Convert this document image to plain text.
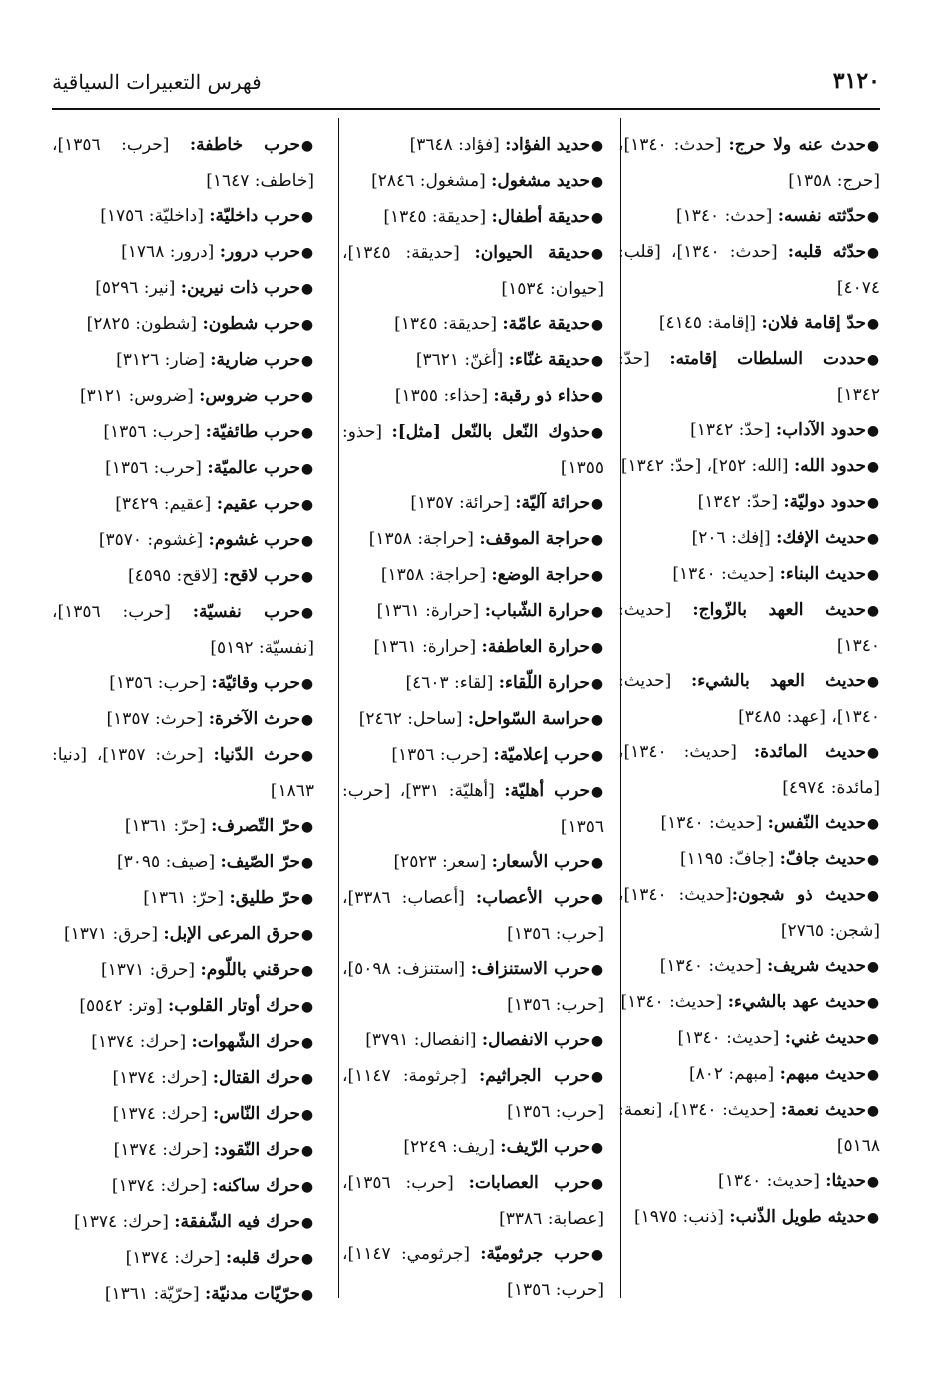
٣١٢٠
فهرس التعبيرات السياقية

●حدث عنه ولا حرج: [حدث: ١٣٤٠]، [حرج: ١٣٥٨]

●حدّثته نفسه: [حدث: ١٣٤٠]

●حدّثه قلبه: [حدث: ١٣٤٠]، [قلب: ٤٠٧٤]

●حدّ إقامة فلان: [إقامة: ٤١٤٥]

●حددت السلطات إقامته: [حدّ: ١٣٤٢]

●حدود الآداب: [حدّ: ١٣٤٢]

●حدود الله: [الله: ٢٥٢]، [حدّ: ١٣٤٢]

●حدود دوليّة: [حدّ: ١٣٤٢]

●حديث الإفك: [إفك: ٢٠٦]

●حديث البناء: [حديث: ١٣٤٠]

●حديث العهد بالزّواج: [حديث: ١٣٤٠]

●حديث العهد بالشيء: [حديث: ١٣٤٠]، [عهد: ٣٤٨٥]

●حديث المائدة: [حديث: ١٣٤٠]، [مائدة: ٤٩٧٤]

●حديث النّفس: [حديث: ١٣٤٠]

●حديث جافّ: [جافّ: ١١٩٥]

●حديث ذو شجون:[حديث: ١٣٤٠]، [شجن: ٢٧٦٥]

●حديث شريف: [حديث: ١٣٤٠]

●حديث عهد بالشيء: [حديث: ١٣٤٠]

●حديث غني: [حديث: ١٣٤٠]

●حديث مبهم: [مبهم: ٨٠٢]

●حديث نعمة: [حديث: ١٣٤٠]، [نعمة: ٥١٦٨]

●حديثا: [حديث: ١٣٤٠]

●حديثه طويل الذّنب: [ذنب: ١٩٧٥]

●حديد الفؤاد: [فؤاد: ٣٦٤٨]

●حديد مشغول: [مشغول: ٢٨٤٦]

●حديقة أطفال: [حديقة: ١٣٤٥]

●حديقة الحيوان: [حديقة: ١٣٤٥]، [حيوان: ١٥٣٤]

●حديقة عامّة: [حديقة: ١٣٤٥]

●حديقة غنّاء: [أغنّ: ٣٦٢١]

●حذاء ذو رقبة: [حذاء: ١٣٥٥]

●حذوك النّعل بالنّعل [مثل]: [حذو: ١٣٥٥]

●حرائة آليّة: [حرائة: ١٣٥٧]

●حراجة الموقف: [حراجة: ١٣٥٨]

●حراجة الوضع: [حراجة: ١٣٥٨]

●حرارة الشّباب: [حرارة: ١٣٦١]

●حرارة العاطفة: [حرارة: ١٣٦١]

●حرارة اللّقاء: [لقاء: ٤٦٠٣]

●حراسة السّواحل: [ساحل: ٢٤٦٢]

●حرب إعلاميّة: [حرب: ١٣٥٦]

●حرب أهليّة: [أهليّة: ٣٣١]، [حرب: ١٣٥٦]

●حرب الأسعار: [سعر: ٢٥٢٣]

●حرب الأعصاب: [أعصاب: ٣٣٨٦]، [حرب: ١٣٥٦]

●حرب الاستنزاف: [استنزف: ٥٠٩٨]، [حرب: ١٣٥٦]

●حرب الانفصال: [انفصال: ٣٧٩١]

●حرب الجراثيم: [جرثومة: ١١٤٧]، [حرب: ١٣٥٦]

●حرب الرّيف: [ريف: ٢٢٤٩]

●حرب العصابات: [حرب: ١٣٥٦]، [عصابة: ٣٣٨٦]

●حرب جرثوميّة: [جرثومي: ١١٤٧]، [حرب: ١٣٥٦]

●حرب خاطفة: [حرب: ١٣٥٦]، [خاطف: ١٦٤٧]

●حرب داخليّة: [داخليّة: ١٧٥٦]

●حرب درور: [درور: ١٧٦٨]

●حرب ذات نيرين: [نير: ٥٢٩٦]

●حرب شطون: [شطون: ٢٨٢٥]

●حرب ضارية: [ضار: ٣١٢٦]

●حرب ضروس: [ضروس: ٣١٢١]

●حرب طائفيّة: [حرب: ١٣٥٦]

●حرب عالميّة: [حرب: ١٣٥٦]

●حرب عقيم: [عقيم: ٣٤٢٩]

●حرب غشوم: [غشوم: ٣٥٧٠]

●حرب لاقح: [لاقح: ٤٥٩٥]

●حرب نفسيّة: [حرب: ١٣٥٦]، [نفسيّة: ٥١٩٢]

●حرب وقائيّة: [حرب: ١٣٥٦]

●حرث الآخرة: [حرث: ١٣٥٧]

●حرث الدّنيا: [حرث: ١٣٥٧]، [دنيا: ١٨٦٣]

●حرّ التّصرف: [حرّ: ١٣٦١]

●حرّ الصّيف: [صيف: ٣٠٩٥]

●حرّ طليق: [حرّ: ١٣٦١]

●حرق المرعى الإبل: [حرق: ١٣٧١]

●حرقني باللّوم: [حرق: ١٣٧١]

●حرك أوتار القلوب: [وتر: ٥٥٤٢]

●حرك الشّهوات: [حرك: ١٣٧٤]

●حرك القتال: [حرك: ١٣٧٤]

●حرك النّاس: [حرك: ١٣٧٤]

●حرك النّقود: [حرك: ١٣٧٤]

●حرك ساكنه: [حرك: ١٣٧٤]

●حرك فيه الشّفقة: [حرك: ١٣٧٤]

●حرك قلبه: [حرك: ١٣٧٤]

●حرّيّات مدنيّة: [حرّيّة: ١٣٦١]
